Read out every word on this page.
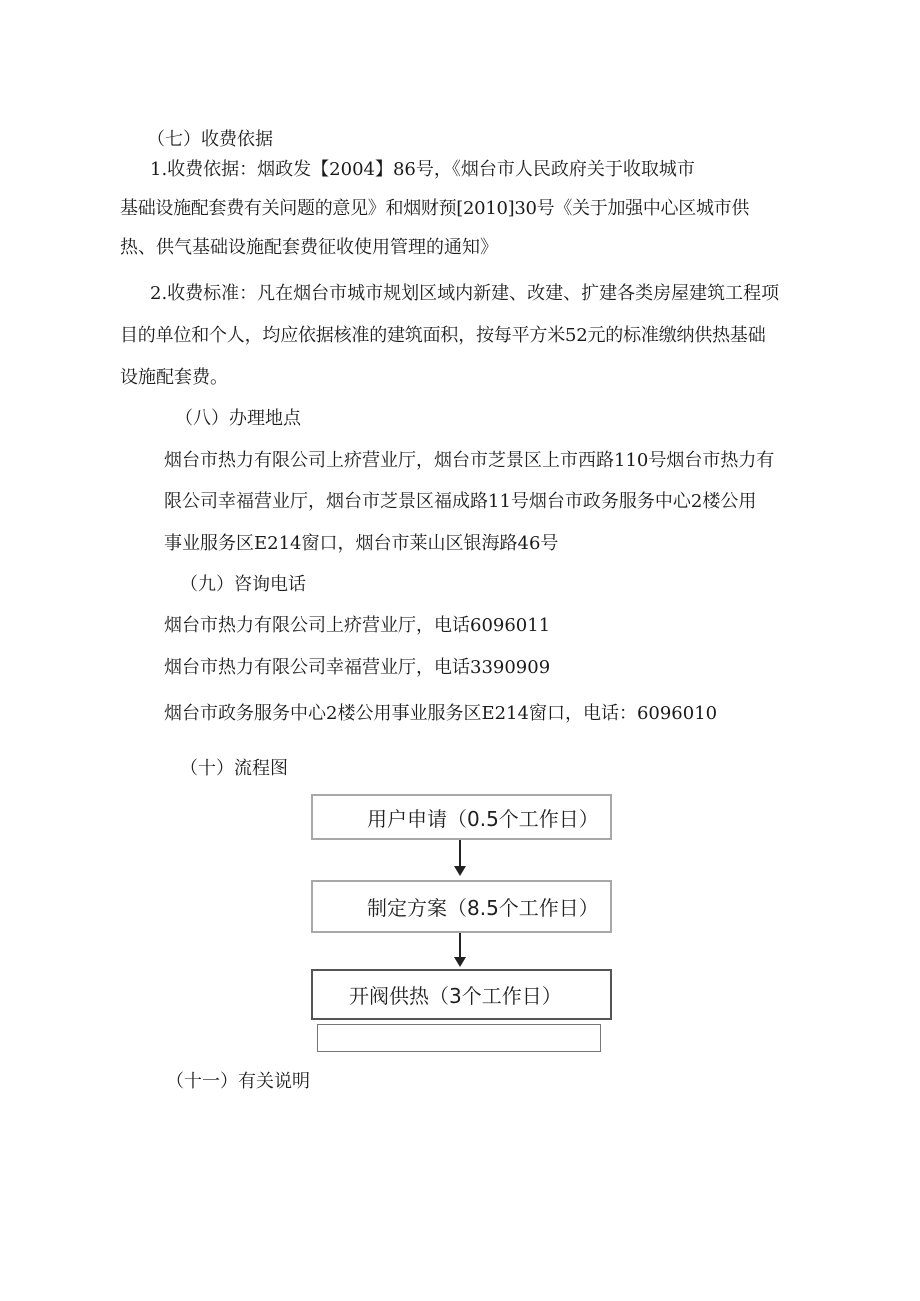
（七）收费依据
1.收费依据：烟政发【2004】86号，《烟台市人民政府关于收取城市
基础设施配套费有关问题的意见》和烟财预[2010]30号《关于加强中心区城市供
热、供气基础设施配套费征收使用管理的通知》
2.收费标准：凡在烟台市城市规划区域内新建、改建、扩建各类房屋建筑工程项
目的单位和个人，均应依据核准的建筑面积，按每平方米52元的标准缴纳供热基础
设施配套费。
（八）办理地点
烟台市热力有限公司上疥营业厅，烟台市芝景区上市西路110号烟台市热力有
限公司幸福营业厅，烟台市芝景区福成路11号烟台市政务服务中心2楼公用
事业服务区E214窗口，烟台市莱山区银海路46号
（九）咨询电话
烟台市热力有限公司上疥营业厅，电话6096011
烟台市热力有限公司幸福营业厅，电话3390909
烟台市政务服务中心2楼公用事业服务区E214窗口，电话：6096010
（十）流程图
用户申请（0.5个工作日）
制定方案（8.5个工作日）
开阀供热（3个工作日）
（十一）有关说明
